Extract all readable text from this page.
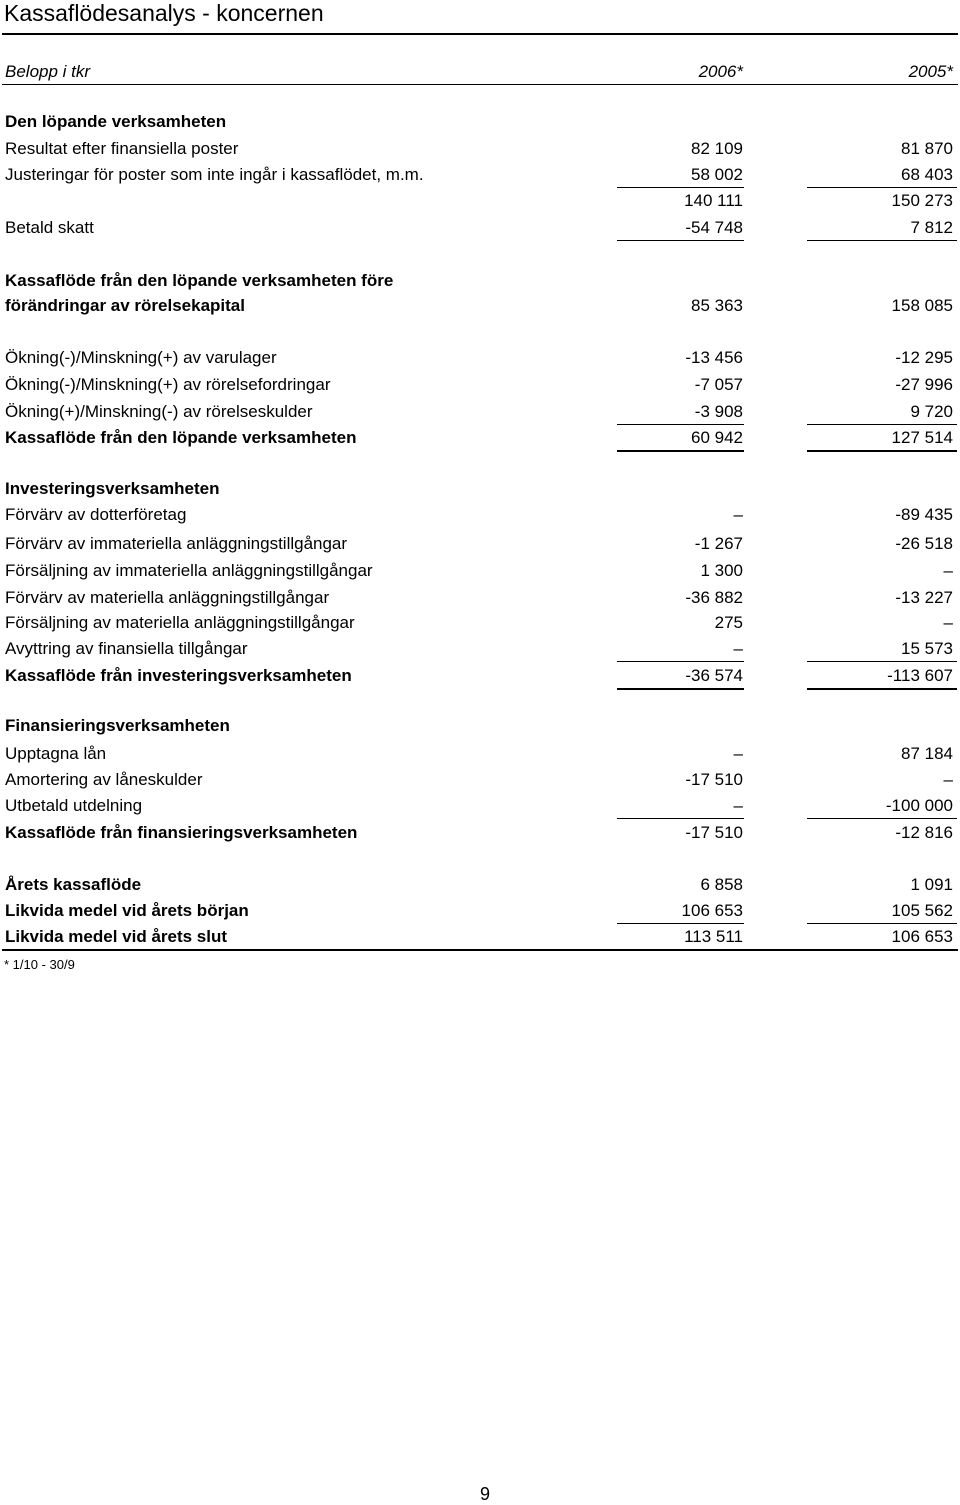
Kassaflödesanalys - koncernen
Belopp i tkr	2006*	2005*
Den löpande verksamheten
Resultat efter finansiella poster	82 109	81 870
Justeringar för poster som inte ingår i kassaflödet, m.m.	58 002	68 403
140 111	150 273
Betald skatt	-54 748	7 812
Kassaflöde från den löpande verksamheten före
förändringar av rörelsekapital	85 363	158 085
Ökning(-)/Minskning(+) av varulager	-13 456	-12 295
Ökning(-)/Minskning(+) av rörelsefordringar	-7 057	-27 996
Ökning(+)/Minskning(-) av rörelseskulder	-3 908	9 720
Kassaflöde från den löpande verksamheten	60 942	127 514
Investeringsverksamheten
Förvärv av dotterföretag	–	-89 435
Förvärv av immateriella anläggningstillgångar	-1 267	-26 518
Försäljning av immateriella anläggningstillgångar	1 300	–
Förvärv av materiella anläggningstillgångar	-36 882	-13 227
Försäljning av materiella anläggningstillgångar	275	–
Avyttring av finansiella tillgångar	–	15 573
Kassaflöde från investeringsverksamheten	-36 574	-113 607
Finansieringsverksamheten
Upptagna lån	–	87 184
Amortering av låneskulder	-17 510	–
Utbetald utdelning	–	-100 000
Kassaflöde från finansieringsverksamheten	-17 510	-12 816
Årets kassaflöde	6 858	1 091
Likvida medel vid årets början	106 653	105 562
Likvida medel vid årets slut	113 511	106 653
* 1/10 - 30/9
9
